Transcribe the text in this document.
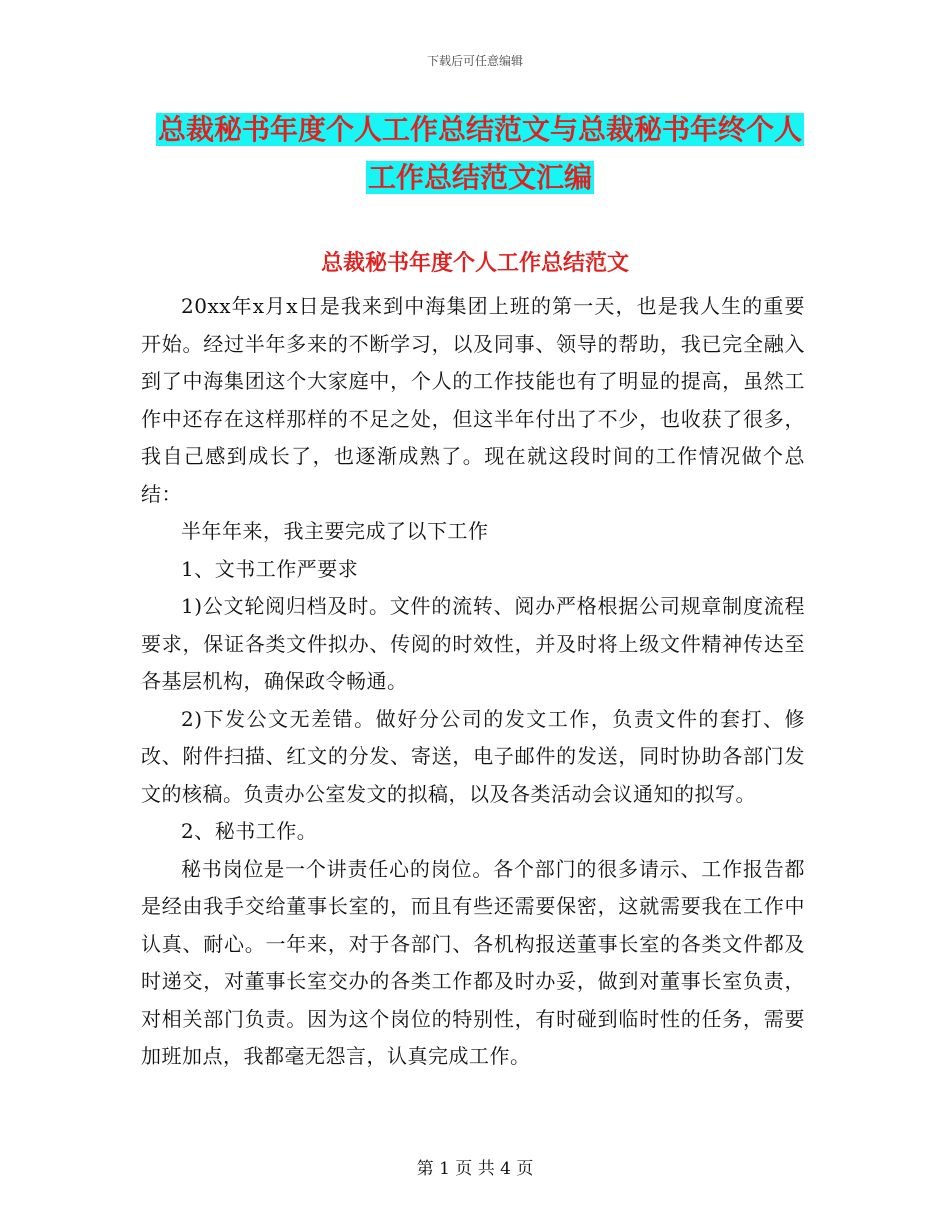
下载后可任意编辑
总裁秘书年度个人工作总结范文与总裁秘书年终个人
工作总结范文汇编
总裁秘书年度个人工作总结范文

20xx年x月x日是我来到中海集团上班的第一天，也是我人生的重要开始。经过半年多来的不断学习，以及同事、领导的帮助，我已完全融入到了中海集团这个大家庭中，个人的工作技能也有了明显的提高，虽然工作中还存在这样那样的不足之处，但这半年付出了不少，也收获了很多，我自己感到成长了，也逐渐成熟了。现在就这段时间的工作情况做个总结：

半年年来，我主要完成了以下工作

1、文书工作严要求

1)公文轮阅归档及时。文件的流转、阅办严格根据公司规章制度流程要求，保证各类文件拟办、传阅的时效性，并及时将上级文件精神传达至各基层机构，确保政令畅通。

2)下发公文无差错。做好分公司的发文工作，负责文件的套打、修改、附件扫描、红文的分发、寄送，电子邮件的发送，同时协助各部门发文的核稿。负责办公室发文的拟稿，以及各类活动会议通知的拟写。

2、秘书工作。

秘书岗位是一个讲责任心的岗位。各个部门的很多请示、工作报告都是经由我手交给董事长室的，而且有些还需要保密，这就需要我在工作中认真、耐心。一年来，对于各部门、各机构报送董事长室的各类文件都及时递交，对董事长室交办的各类工作都及时办妥，做到对董事长室负责，对相关部门负责。因为这个岗位的特别性，有时碰到临时性的任务，需要加班加点，我都毫无怨言，认真完成工作。

第 1 页 共 4 页
